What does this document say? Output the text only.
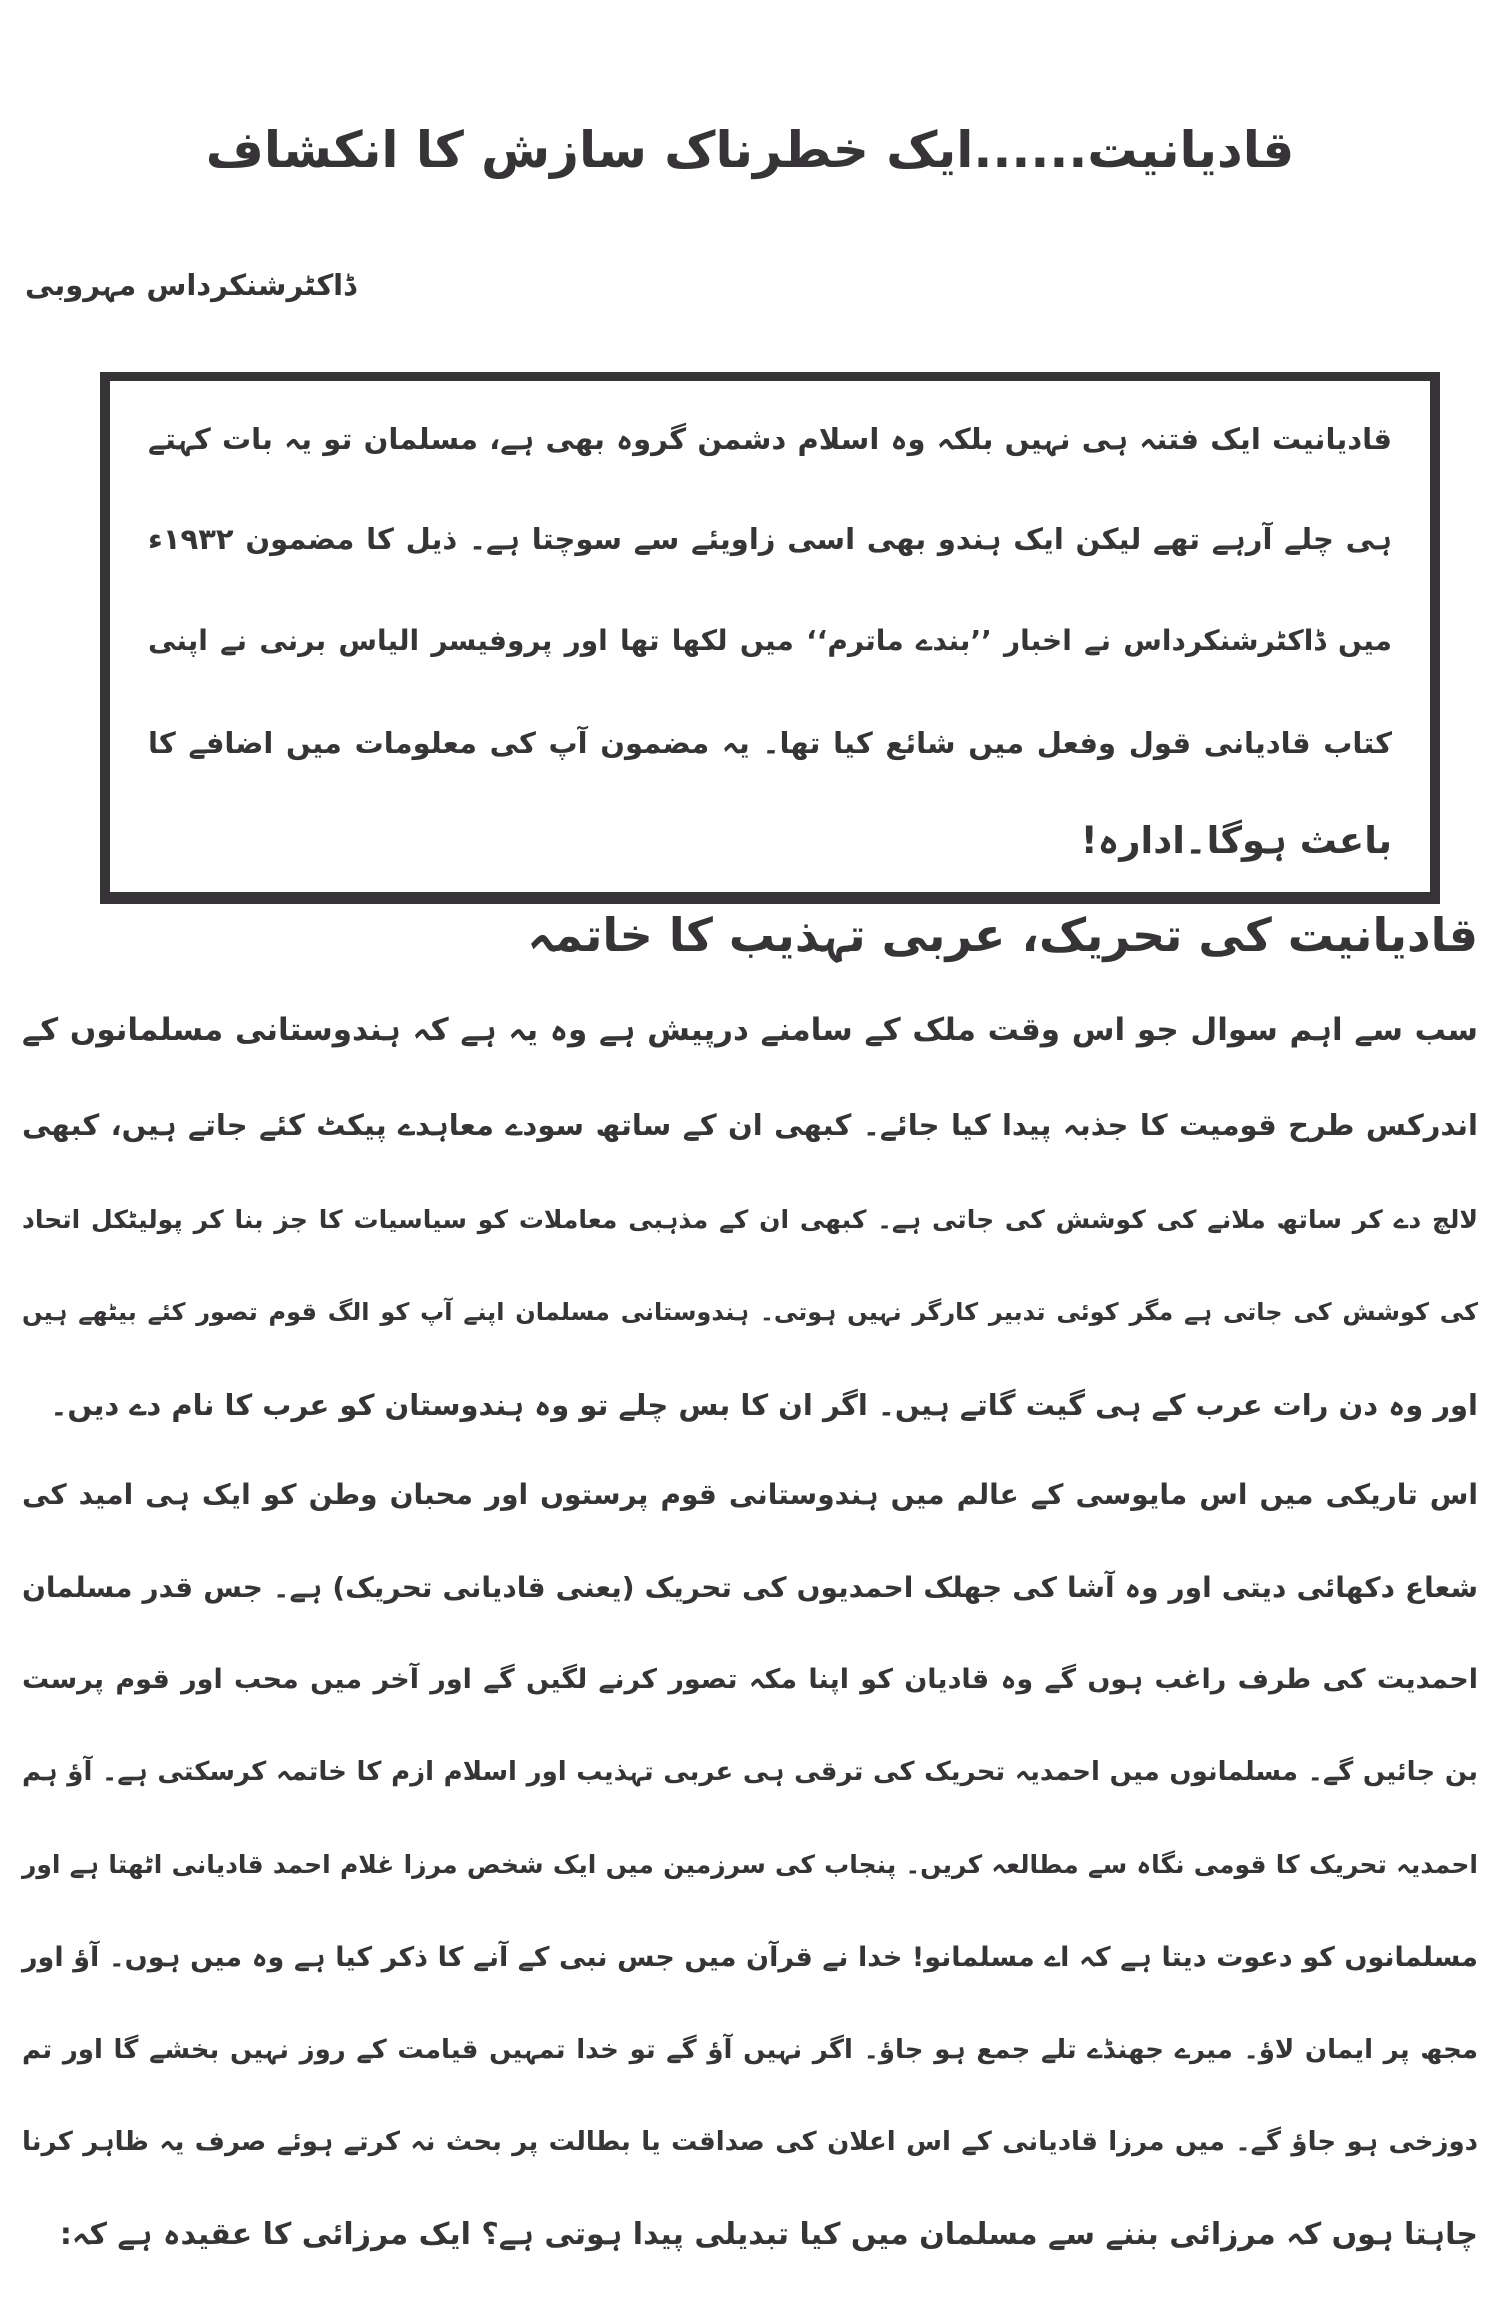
قادیانیت......ایک خطرناک سازش کا انکشاف
ڈاکٹرشنکرداس مہروبی
قادیانیت ایک فتنہ ہی نہیں بلکہ وہ اسلام دشمن گروہ بھی ہے، مسلمان تو یہ بات کہتے
ہی چلے آرہے تھے لیکن ایک ہندو بھی اسی زاویئے سے سوچتا ہے۔ ذیل کا مضمون ۱۹۳۲ء
میں ڈاکٹرشنکرداس نے اخبار ’’بندے ماترم‘‘ میں لکھا تھا اور پروفیسر الیاس برنی نے اپنی
کتاب قادیانی قول وفعل میں شائع کیا تھا۔ یہ مضمون آپ کی معلومات میں اضافے کا
باعث ہوگا۔ادارہ!
قادیانیت کی تحریک، عربی تہذیب کا خاتمہ
سب سے اہم سوال جو اس وقت ملک کے سامنے درپیش ہے وہ یہ ہے کہ ہندوستانی مسلمانوں کے
اندرکس طرح قومیت کا جذبہ پیدا کیا جائے۔ کبھی ان کے ساتھ سودے معاہدے پیکٹ کئے جاتے ہیں، کبھی
لالچ دے کر ساتھ ملانے کی کوشش کی جاتی ہے۔ کبھی ان کے مذہبی معاملات کو سیاسیات کا جز بنا کر پولیٹکل اتحاد
کی کوشش کی جاتی ہے مگر کوئی تدبیر کارگر نہیں ہوتی۔ ہندوستانی مسلمان اپنے آپ کو الگ قوم تصور کئے بیٹھے ہیں
اور وہ دن رات عرب کے ہی گیت گاتے ہیں۔ اگر ان کا بس چلے تو وہ ہندوستان کو عرب کا نام دے دیں۔
اس تاریکی میں اس مایوسی کے عالم میں ہندوستانی قوم پرستوں اور محبان وطن کو ایک ہی امید کی
شعاع دکھائی دیتی اور وہ آشا کی جھلک احمدیوں کی تحریک (یعنی قادیانی تحریک) ہے۔ جس قدر مسلمان
احمدیت کی طرف راغب ہوں گے وہ قادیان کو اپنا مکہ تصور کرنے لگیں گے اور آخر میں محب اور قوم پرست
بن جائیں گے۔ مسلمانوں میں احمدیہ تحریک کی ترقی ہی عربی تہذیب اور اسلام ازم کا خاتمہ کرسکتی ہے۔ آؤ ہم
احمدیہ تحریک کا قومی نگاہ سے مطالعہ کریں۔ پنجاب کی سرزمین میں ایک شخص مرزا غلام احمد قادیانی اٹھتا ہے اور
مسلمانوں کو دعوت دیتا ہے کہ اے مسلمانو! خدا نے قرآن میں جس نبی کے آنے کا ذکر کیا ہے وہ میں ہوں۔ آؤ اور
مجھ پر ایمان لاؤ۔ میرے جھنڈے تلے جمع ہو جاؤ۔ اگر نہیں آؤ گے تو خدا تمہیں قیامت کے روز نہیں بخشے گا اور تم
دوزخی ہو جاؤ گے۔ میں مرزا قادیانی کے اس اعلان کی صداقت یا بطالت پر بحث نہ کرتے ہوئے صرف یہ ظاہر کرنا
چاہتا ہوں کہ مرزائی بننے سے مسلمان میں کیا تبدیلی پیدا ہوتی ہے؟ ایک مرزائی کا عقیدہ ہے کہ:
